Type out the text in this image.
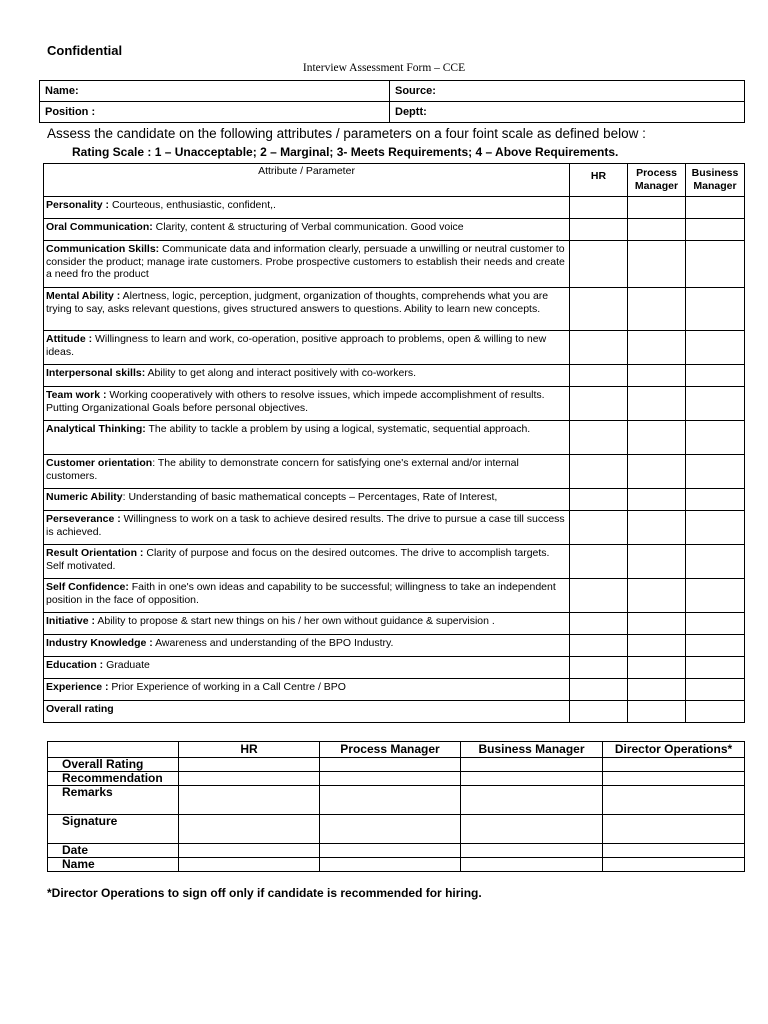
Confidential
Interview Assessment Form – CCE
Name:	Source:
Position :	Deptt:
Assess the candidate on the following attributes / parameters on a four foint scale as defined below :
Rating Scale : 1 – Unacceptable; 2 – Marginal; 3- Meets Requirements; 4 – Above Requirements.
Attribute / Parameter	HR	Process Manager	Business Manager
Personality : Courteous, enthusiastic, confident,.			
Oral Communication: Clarity, content & structuring of Verbal communication. Good voice			
Communication Skills: Communicate data and information clearly, persuade a unwilling or neutral customer to consider the product; manage irate customers. Probe prospective customers to establish their needs and create a need fro the product			
Mental Ability : Alertness, logic, perception, judgment, organization of thoughts, comprehends what you are trying to say, asks relevant questions, gives structured answers to questions. Ability to learn new concepts.			
Attitude : Willingness to learn and work, co-operation, positive approach to problems, open & willing to new ideas.			
Interpersonal skills: Ability to get along and interact positively with co-workers.			
Team work : Working cooperatively with others to resolve issues, which impede accomplishment of results. Putting Organizational Goals before personal objectives.			
Analytical Thinking: The ability to tackle a problem by using a logical, systematic, sequential approach.			
Customer orientation: The ability to demonstrate concern for satisfying one's external and/or internal customers.			
Numeric Ability: Understanding of basic mathematical concepts – Percentages, Rate of Interest,			
Perseverance : Willingness to work on a task to achieve desired results. The drive to pursue a case till success is achieved.			
Result Orientation : Clarity of purpose and focus on the desired outcomes. The drive to accomplish targets. Self motivated.			
Self Confidence: Faith in one's own ideas and capability to be successful; willingness to take an independent position in the face of opposition.			
Initiative : Ability to propose & start new things on his / her own without guidance & supervision .			
Industry Knowledge : Awareness and understanding of the BPO Industry.			
Education : Graduate			
Experience : Prior Experience of working in a Call Centre / BPO			
Overall rating			
	HR	Process Manager	Business Manager	Director Operations*
Overall Rating				
Recommendation				
Remarks				
Signature				
Date				
Name				
*Director Operations to sign off only if candidate is recommended for hiring.
